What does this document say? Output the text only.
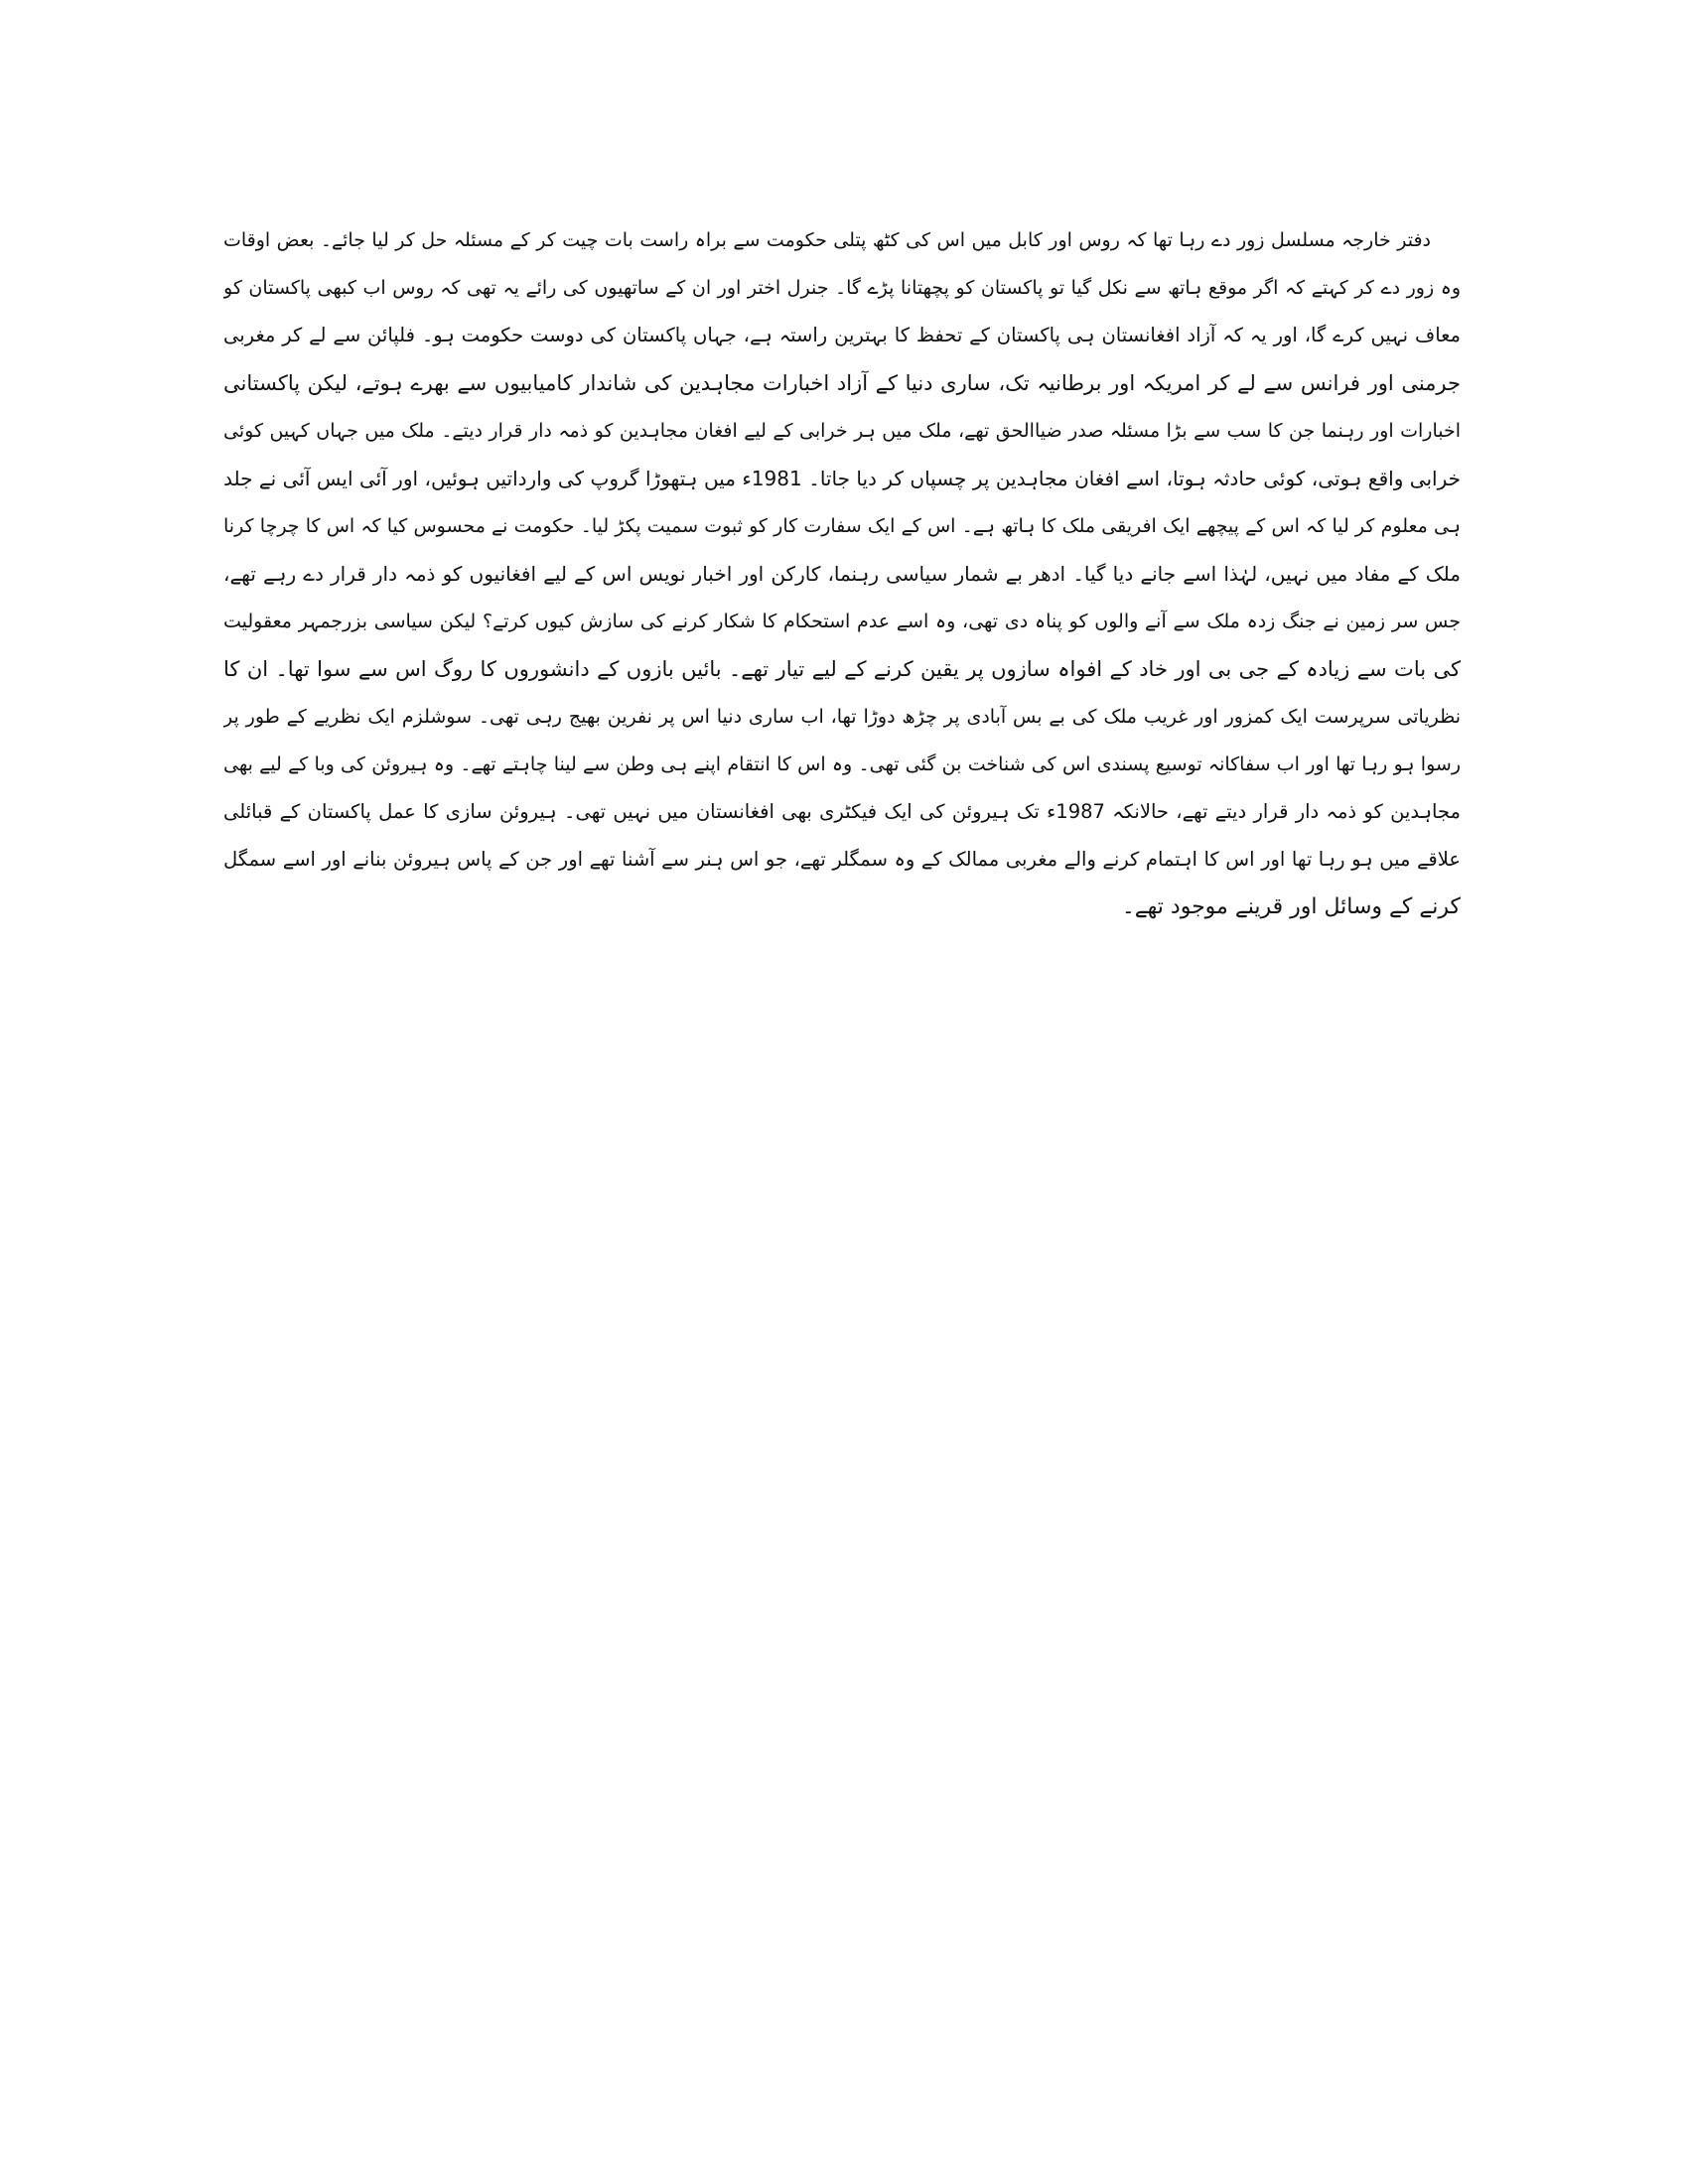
دفتر خارجہ مسلسل زور دے رہا تھا کہ روس اور کابل میں اس کی کٹھ پتلی حکومت سے براہ راست بات چیت کر کے مسئلہ حل کر لیا جائے۔ بعض اوقات
وہ زور دے کر کہتے کہ اگر موقع ہاتھ سے نکل گیا تو پاکستان کو پچھتانا پڑے گا۔ جنرل اختر اور ان کے ساتھیوں کی رائے یہ تھی کہ روس اب کبھی پاکستان کو
معاف نہیں کرے گا، اور یہ کہ آزاد افغانستان ہی پاکستان کے تحفظ کا بہترین راستہ ہے، جہاں پاکستان کی دوست حکومت ہو۔ فلپائن سے لے کر مغربی
جرمنی اور فرانس سے لے کر امریکہ اور برطانیہ تک، ساری دنیا کے آزاد اخبارات مجاہدین کی شاندار کامیابیوں سے بھرے ہوتے، لیکن پاکستانی
اخبارات اور رہنما جن کا سب سے بڑا مسئلہ صدر ضیاالحق تھے، ملک میں ہر خرابی کے لیے افغان مجاہدین کو ذمہ دار قرار دیتے۔ ملک میں جہاں کہیں کوئی
خرابی واقع ہوتی، کوئی حادثہ ہوتا، اسے افغان مجاہدین پر چسپاں کر دیا جاتا۔ 1981ء میں ہتھوڑا گروپ کی وارداتیں ہوئیں، اور آئی ایس آئی نے جلد
ہی معلوم کر لیا کہ اس کے پیچھے ایک افریقی ملک کا ہاتھ ہے۔ اس کے ایک سفارت کار کو ثبوت سمیت پکڑ لیا۔ حکومت نے محسوس کیا کہ اس کا چرچا کرنا
ملک کے مفاد میں نہیں، لہٰذا اسے جانے دیا گیا۔ ادھر بے شمار سیاسی رہنما، کارکن اور اخبار نویس اس کے لیے افغانیوں کو ذمہ دار قرار دے رہے تھے،
جس سر زمین نے جنگ زدہ ملک سے آنے والوں کو پناہ دی تھی، وہ اسے عدم استحکام کا شکار کرنے کی سازش کیوں کرتے؟ لیکن سیاسی بزرجمہر معقولیت
کی بات سے زیادہ کے جی بی اور خاد کے افواہ سازوں پر یقین کرنے کے لیے تیار تھے۔ بائیں بازوں کے دانشوروں کا روگ اس سے سوا تھا۔ ان کا
نظریاتی سرپرست ایک کمزور اور غریب ملک کی بے بس آبادی پر چڑھ دوڑا تھا، اب ساری دنیا اس پر نفرین بھیج رہی تھی۔ سوشلزم ایک نظریے کے طور پر
رسوا ہو رہا تھا اور اب سفاکانہ توسیع پسندی اس کی شناخت بن گئی تھی۔ وہ اس کا انتقام اپنے ہی وطن سے لینا چاہتے تھے۔ وہ ہیروئن کی وبا کے لیے بھی
مجاہدین کو ذمہ دار قرار دیتے تھے، حالانکہ 1987ء تک ہیروئن کی ایک فیکٹری بھی افغانستان میں نہیں تھی۔ ہیروئن سازی کا عمل پاکستان کے قبائلی
علاقے میں ہو رہا تھا اور اس کا اہتمام کرنے والے مغربی ممالک کے وہ سمگلر تھے، جو اس ہنر سے آشنا تھے اور جن کے پاس ہیروئن بنانے اور اسے سمگل
کرنے کے وسائل اور قرینے موجود تھے۔
